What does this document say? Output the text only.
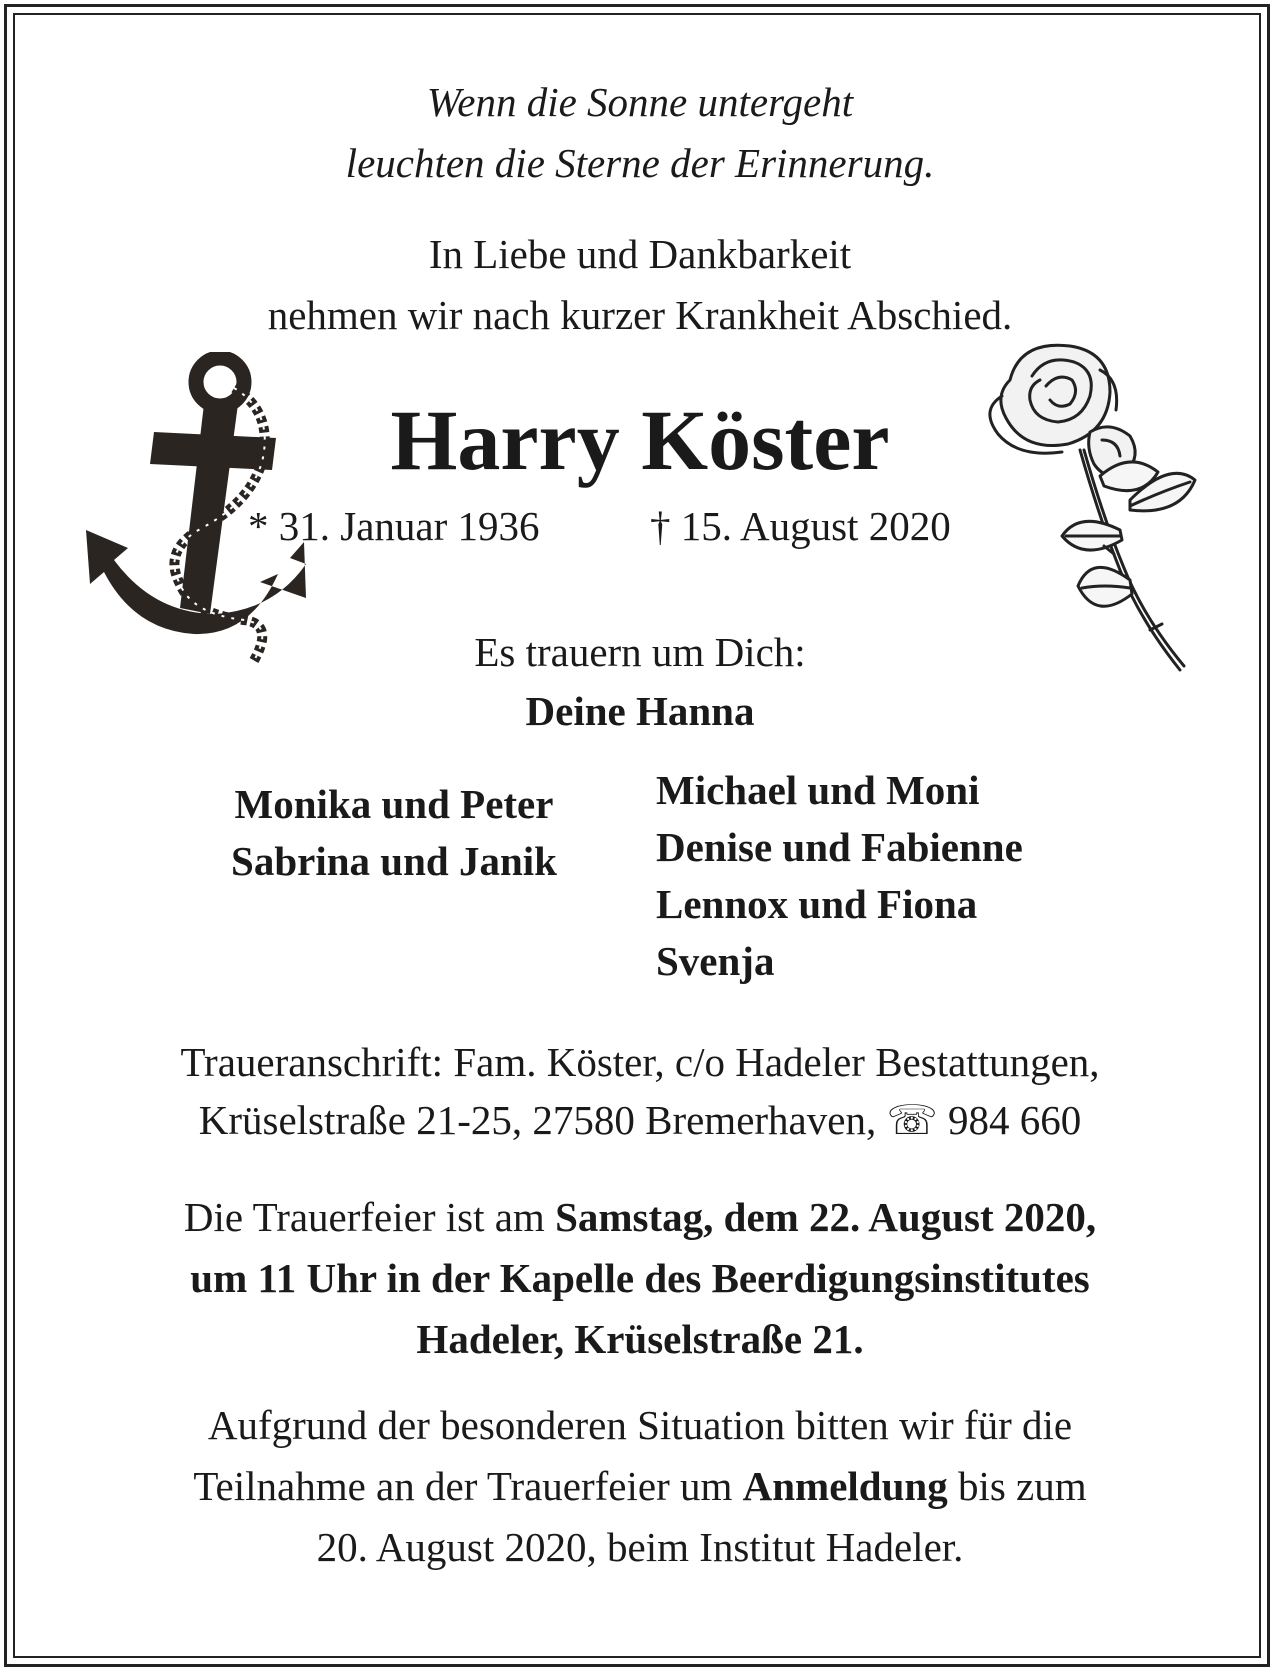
Wenn die Sonne untergeht
leuchten die Sterne der Erinnerung.
In Liebe und Dankbarkeit
nehmen wir nach kurzer Krankheit Abschied.
Harry Köster
* 31. Januar 1936	† 15. August 2020
Es trauern um Dich:
Deine Hanna
Monika und Peter
Sabrina und Janik
Michael und Moni
Denise und Fabienne
Lennox und Fiona
Svenja
Traueranschrift: Fam. Köster, c/o Hadeler Bestattungen,
Krüselstraße 21-25, 27580 Bremerhaven, ☏ 984 660
Die Trauerfeier ist am Samstag, dem 22. August 2020,
um 11 Uhr in der Kapelle des Beerdigungsinstitutes
Hadeler, Krüselstraße 21.
Aufgrund der besonderen Situation bitten wir für die
Teilnahme an der Trauerfeier um Anmeldung bis zum
20. August 2020, beim Institut Hadeler.
